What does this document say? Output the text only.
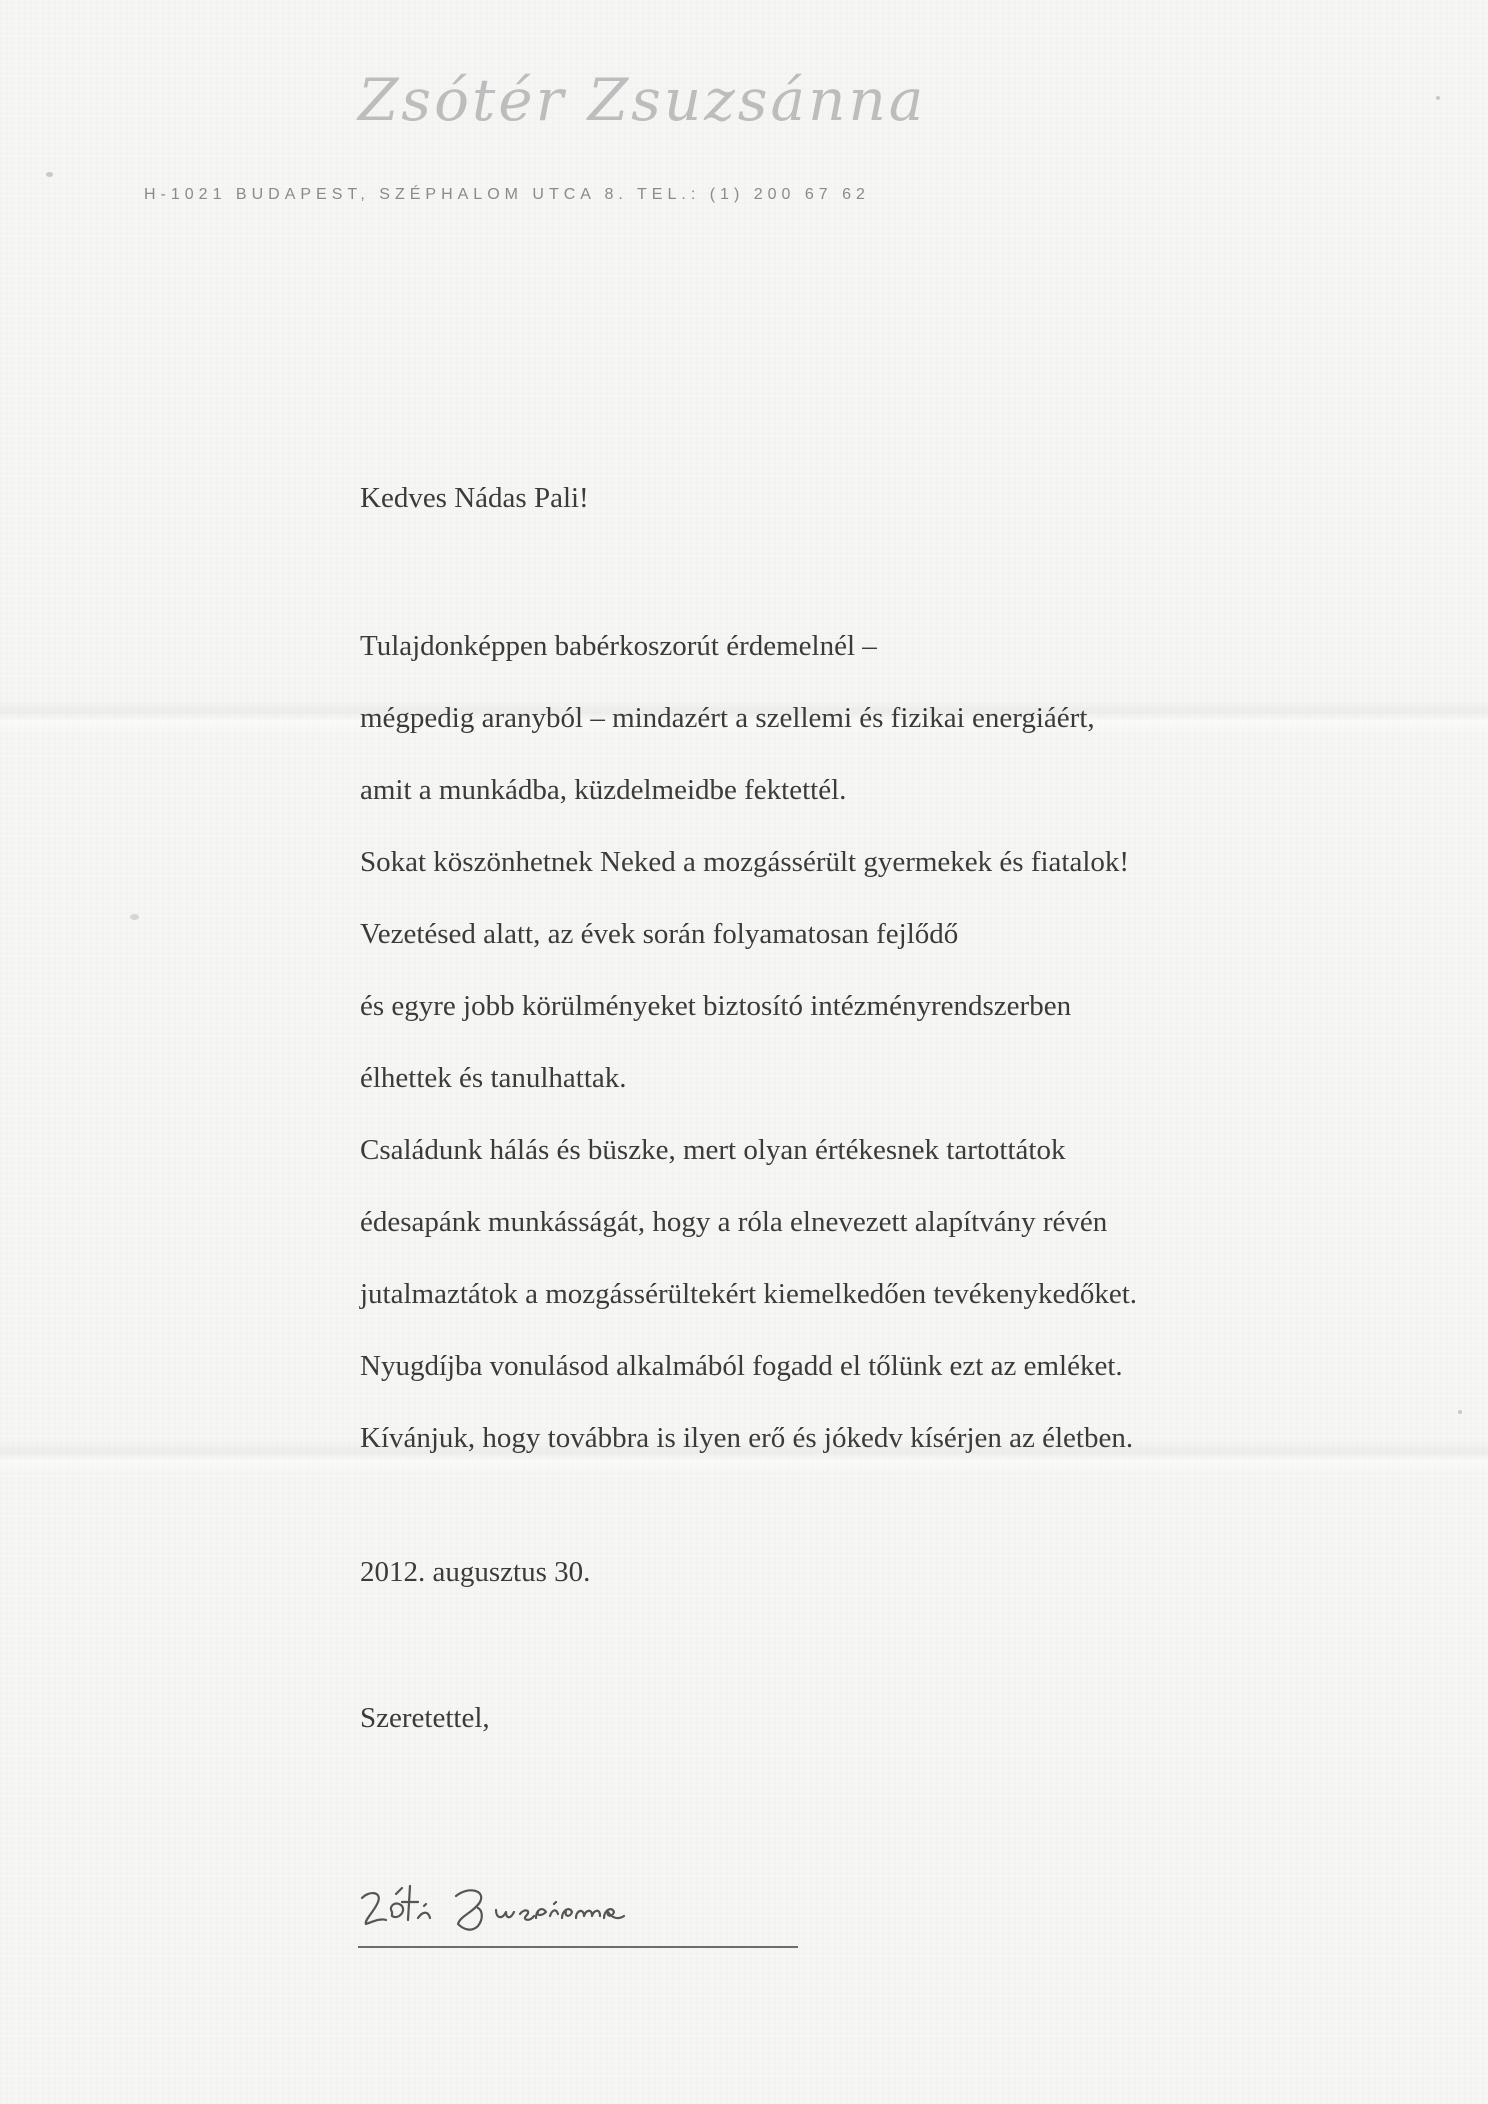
Zsótér Zsuzsánna
H-1021 BUDAPEST, SZÉPHALOM UTCA 8. TEL.: (1) 200 67 62
Kedves Nádas Pali!
Tulajdonképpen babérkoszorút érdemelnél –
mégpedig aranyból – mindazért a szellemi és fizikai energiáért,
amit a munkádba, küzdelmeidbe fektettél.
Sokat köszönhetnek Neked a mozgássérült gyermekek és fiatalok!
Vezetésed alatt, az évek során folyamatosan fejlődő
és egyre jobb körülményeket biztosító intézményrendszerben
élhettek és tanulhattak.
Családunk hálás és büszke, mert olyan értékesnek tartottátok
édesapánk munkásságát, hogy a róla elnevezett alapítvány révén
jutalmaztátok a mozgássérültekért kiemelkedően tevékenykedőket.
Nyugdíjba vonulásod alkalmából fogadd el tőlünk ezt az emléket.
Kívánjuk, hogy továbbra is ilyen erő és jókedv kísérjen az életben.
2012. augusztus 30.
Szeretettel,
